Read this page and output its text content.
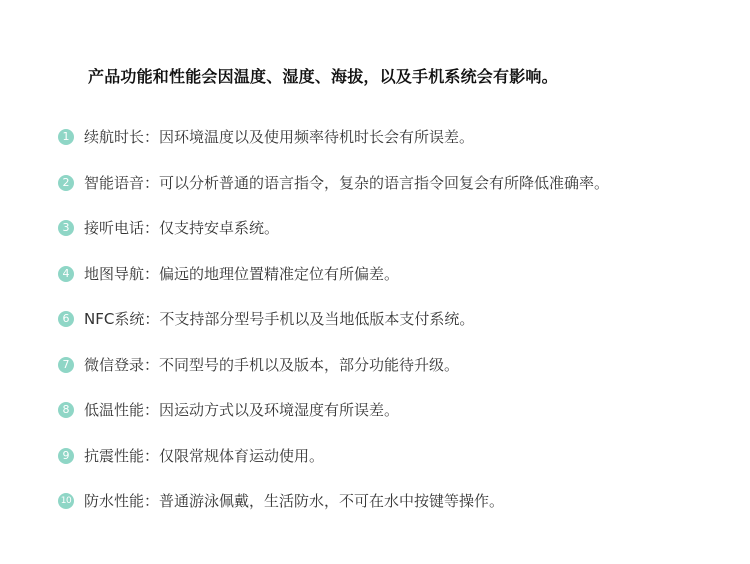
产品功能和性能会因温度、湿度、海拔，以及手机系统会有影响。
1 续航时长：因环境温度以及使用频率待机时长会有所误差。
2 智能语音：可以分析普通的语言指令，复杂的语言指令回复会有所降低准确率。
3 接听电话：仅支持安卓系统。
4 地图导航：偏远的地理位置精准定位有所偏差。
6 NFC系统：不支持部分型号手机以及当地低版本支付系统。
7 微信登录：不同型号的手机以及版本，部分功能待升级。
8 低温性能：因运动方式以及环境湿度有所误差。
9 抗震性能：仅限常规体育运动使用。
10 防水性能：普通游泳佩戴，生活防水，不可在水中按键等操作。
